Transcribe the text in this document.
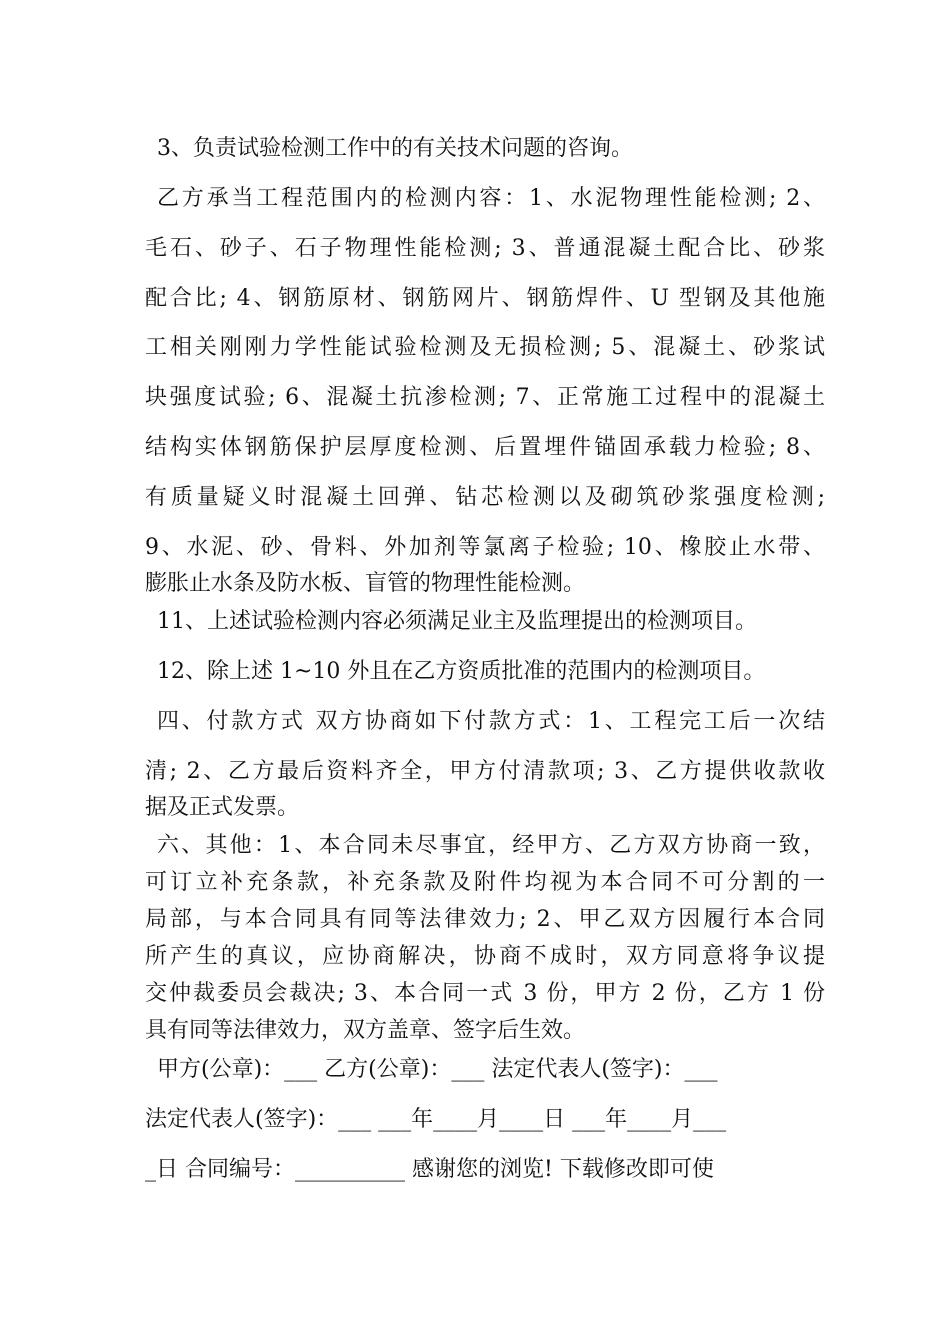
3、负责试验检测工作中的有关技术问题的咨询。
乙方承当工程范围内的检测内容：1、水泥物理性能检测; 2、
毛石、砂子、石子物理性能检测; 3、普通混凝土配合比、砂浆
配合比; 4、钢筋原材、钢筋网片、钢筋焊件、U 型钢及其他施
工相关刚刚力学性能试验检测及无损检测; 5、混凝土、砂浆试
块强度试验; 6、混凝土抗渗检测; 7、正常施工过程中的混凝土
结构实体钢筋保护层厚度检测、后置埋件锚固承载力检验; 8、
有质量疑义时混凝土回弹、钻芯检测以及砌筑砂浆强度检测;
9、水泥、砂、骨料、外加剂等氯离子检验; 10、橡胶止水带、
膨胀止水条及防水板、盲管的物理性能检测。
11、上述试验检测内容必须满足业主及监理提出的检测项目。
12、除上述 1~10 外且在乙方资质批准的范围内的检测项目。
四、付款方式 双方协商如下付款方式：1、工程完工后一次结
清; 2、乙方最后资料齐全，甲方付清款项; 3、乙方提供收款收
据及正式发票。
六、其他：1、本合同未尽事宜，经甲方、乙方双方协商一致，
可订立补充条款，补充条款及附件均视为本合同不可分割的一
局部，与本合同具有同等法律效力; 2、甲乙双方因履行本合同
所产生的真议，应协商解决，协商不成时，双方同意将争议提
交仲裁委员会裁决; 3、本合同一式 3 份，甲方 2 份，乙方 1 份
具有同等法律效力，双方盖章、签字后生效。
甲方(公章)：___ 乙方(公章)：___ 法定代表人(签字)：___
法定代表人(签字)：___ ___年____月____日 ___年____月___
_日 合同编号：__________ 感谢您的浏览! 下载修改即可使
